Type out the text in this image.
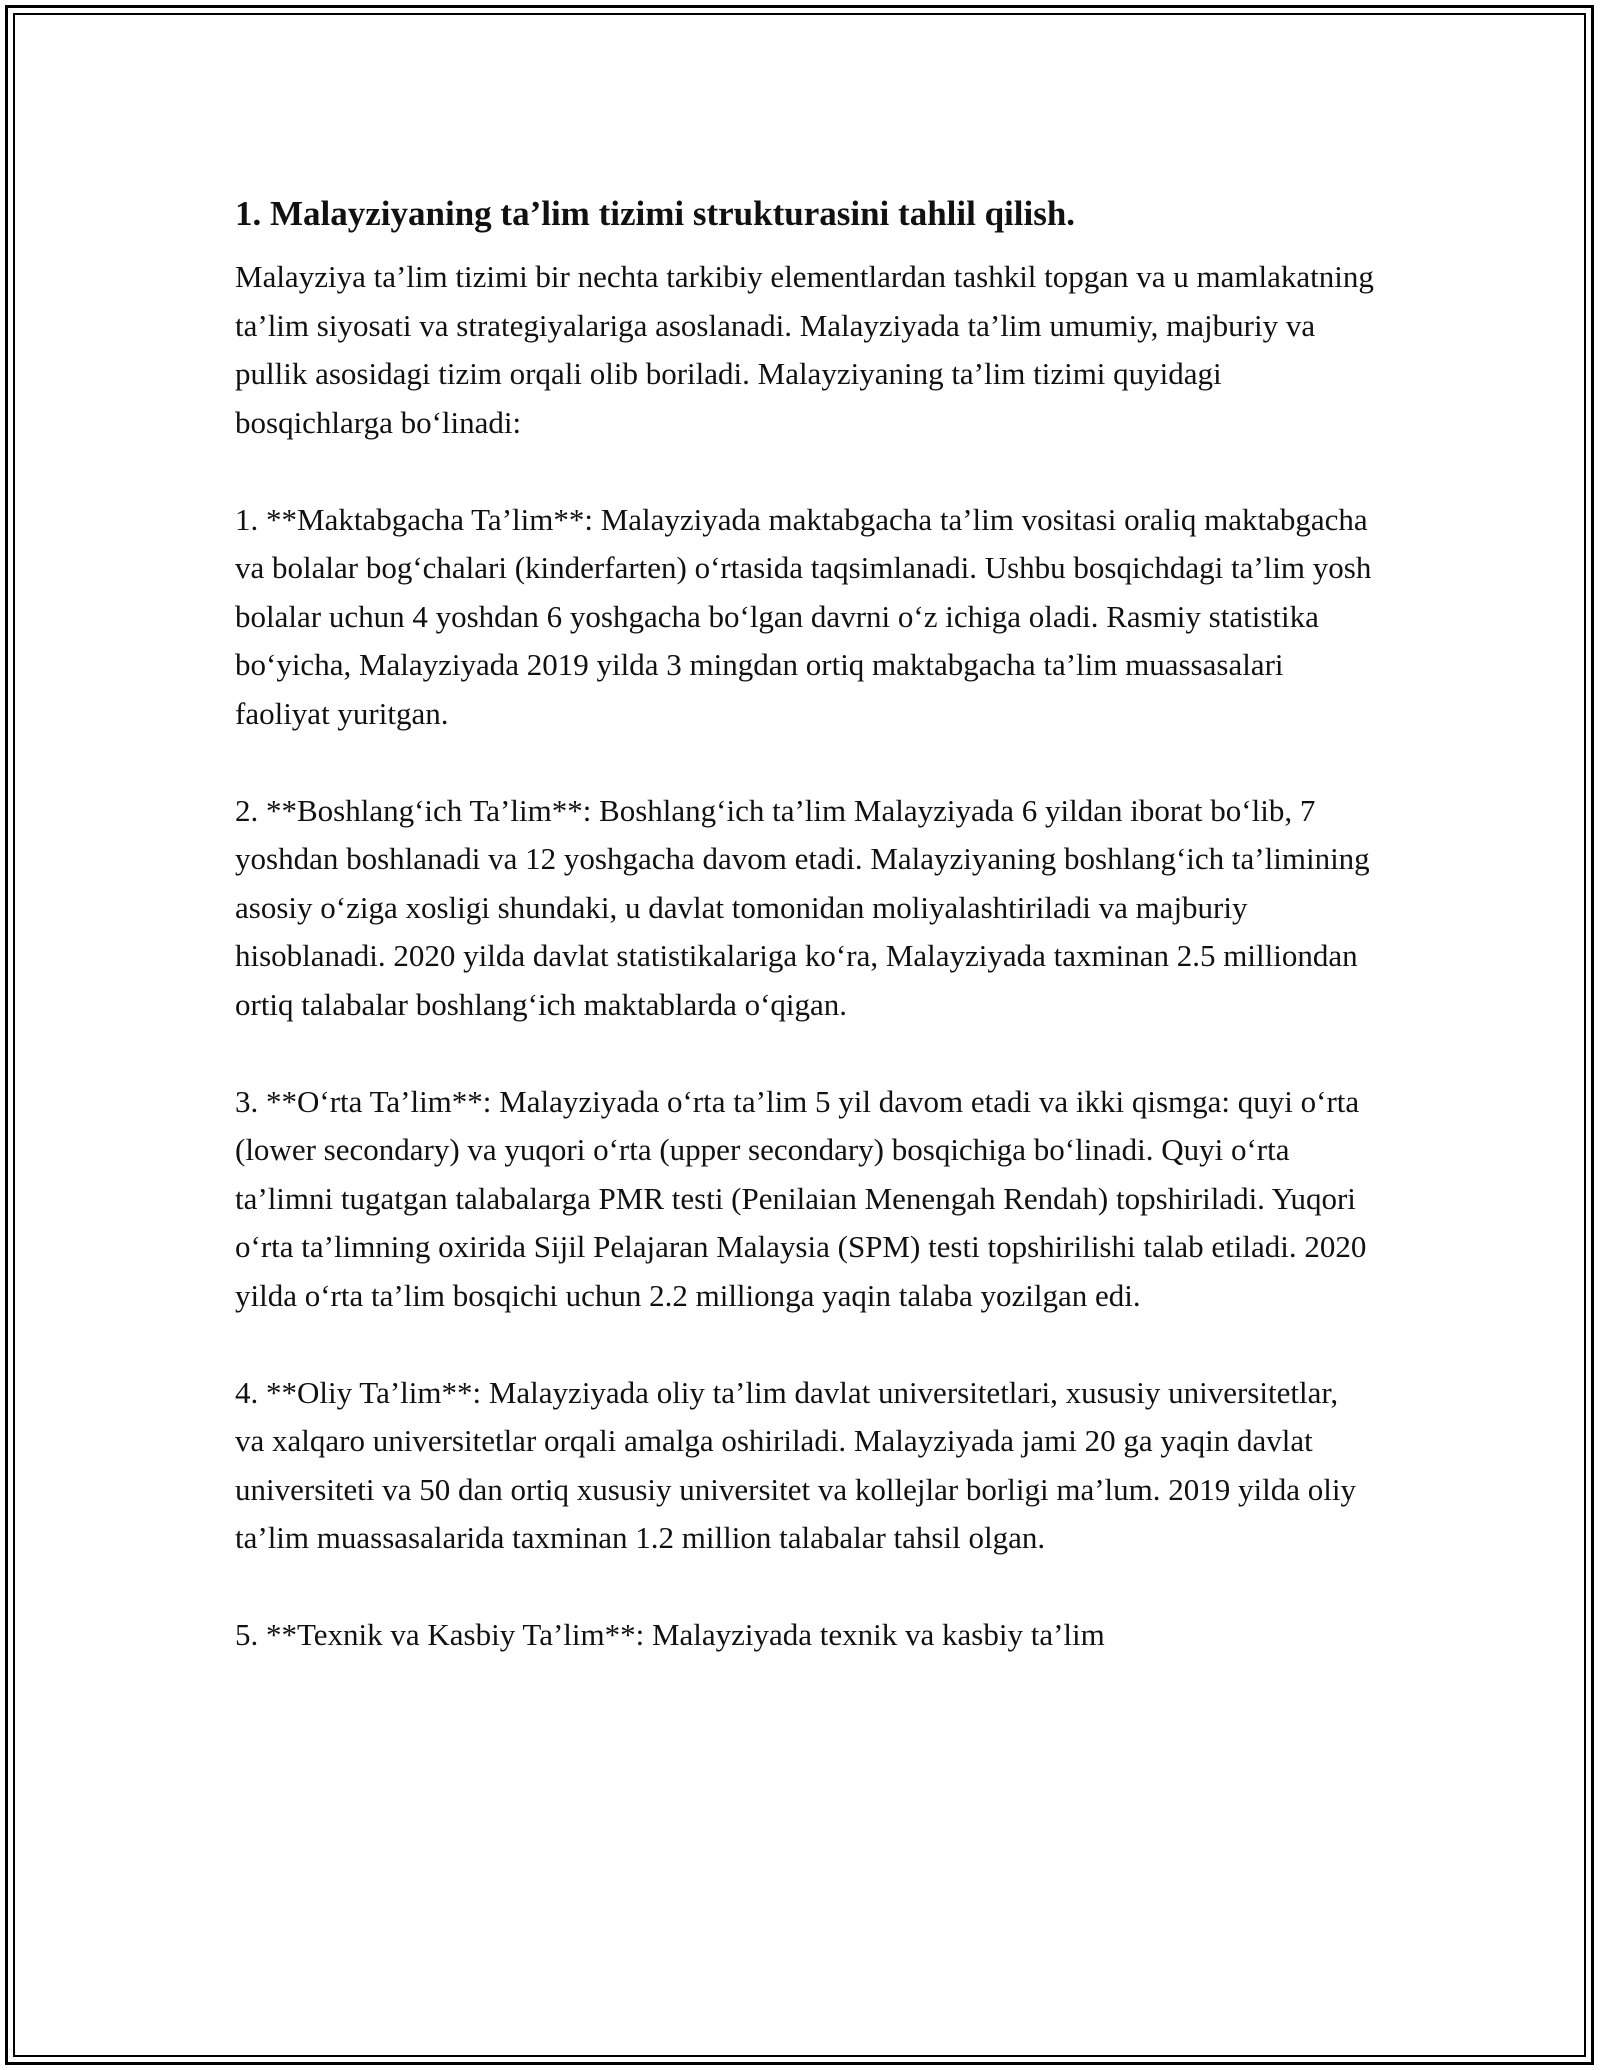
1. Malayziyaning ta’lim tizimi strukturasini tahlil qilish.

Malayziya ta’lim tizimi bir nechta tarkibiy elementlardan tashkil topgan va u mamlakatning ta’lim siyosati va strategiyalariga asoslanadi. Malayziyada ta’lim umumiy, majburiy va pullik asosidagi tizim orqali olib boriladi. Malayziyaning ta’lim tizimi quyidagi bosqichlarga bo‘linadi:

1. **Maktabgacha Ta’lim**: Malayziyada maktabgacha ta’lim vositasi oraliq maktabgacha va bolalar bog‘chalari (kinderfarten) o‘rtasida taqsimlanadi. Ushbu bosqichdagi ta’lim yosh bolalar uchun 4 yoshdan 6 yoshgacha bo‘lgan davrni o‘z ichiga oladi. Rasmiy statistika bo‘yicha, Malayziyada 2019 yilda 3 mingdan ortiq maktabgacha ta’lim muassasalari faoliyat yuritgan.

2. **Boshlang‘ich Ta’lim**: Boshlang‘ich ta’lim Malayziyada 6 yildan iborat bo‘lib, 7 yoshdan boshlanadi va 12 yoshgacha davom etadi. Malayziyaning boshlang‘ich ta’limining asosiy o‘ziga xosligi shundaki, u davlat tomonidan moliyalashtiriladi va majburiy hisoblanadi. 2020 yilda davlat statistikalariga ko‘ra, Malayziyada taxminan 2.5 milliondan ortiq talabalar boshlang‘ich maktablarda o‘qigan.

3. **O‘rta Ta’lim**: Malayziyada o‘rta ta’lim 5 yil davom etadi va ikki qismga: quyi o‘rta (lower secondary) va yuqori o‘rta (upper secondary) bosqichiga bo‘linadi. Quyi o‘rta ta’limni tugatgan talabalarga PMR testi (Penilaian Menengah Rendah) topshiriladi. Yuqori o‘rta ta’limning oxirida Sijil Pelajaran Malaysia (SPM) testi topshirilishi talab etiladi. 2020 yilda o‘rta ta’lim bosqichi uchun 2.2 millionga yaqin talaba yozilgan edi.

4. **Oliy Ta’lim**: Malayziyada oliy ta’lim davlat universitetlari, xususiy universitetlar, va xalqaro universitetlar orqali amalga oshiriladi. Malayziyada jami 20 ga yaqin davlat universiteti va 50 dan ortiq xususiy universitet va kollejlar borligi ma’lum. 2019 yilda oliy ta’lim muassasalarida taxminan 1.2 million talabalar tahsil olgan.

5. **Texnik va Kasbiy Ta’lim**: Malayziyada texnik va kasbiy ta’lim
